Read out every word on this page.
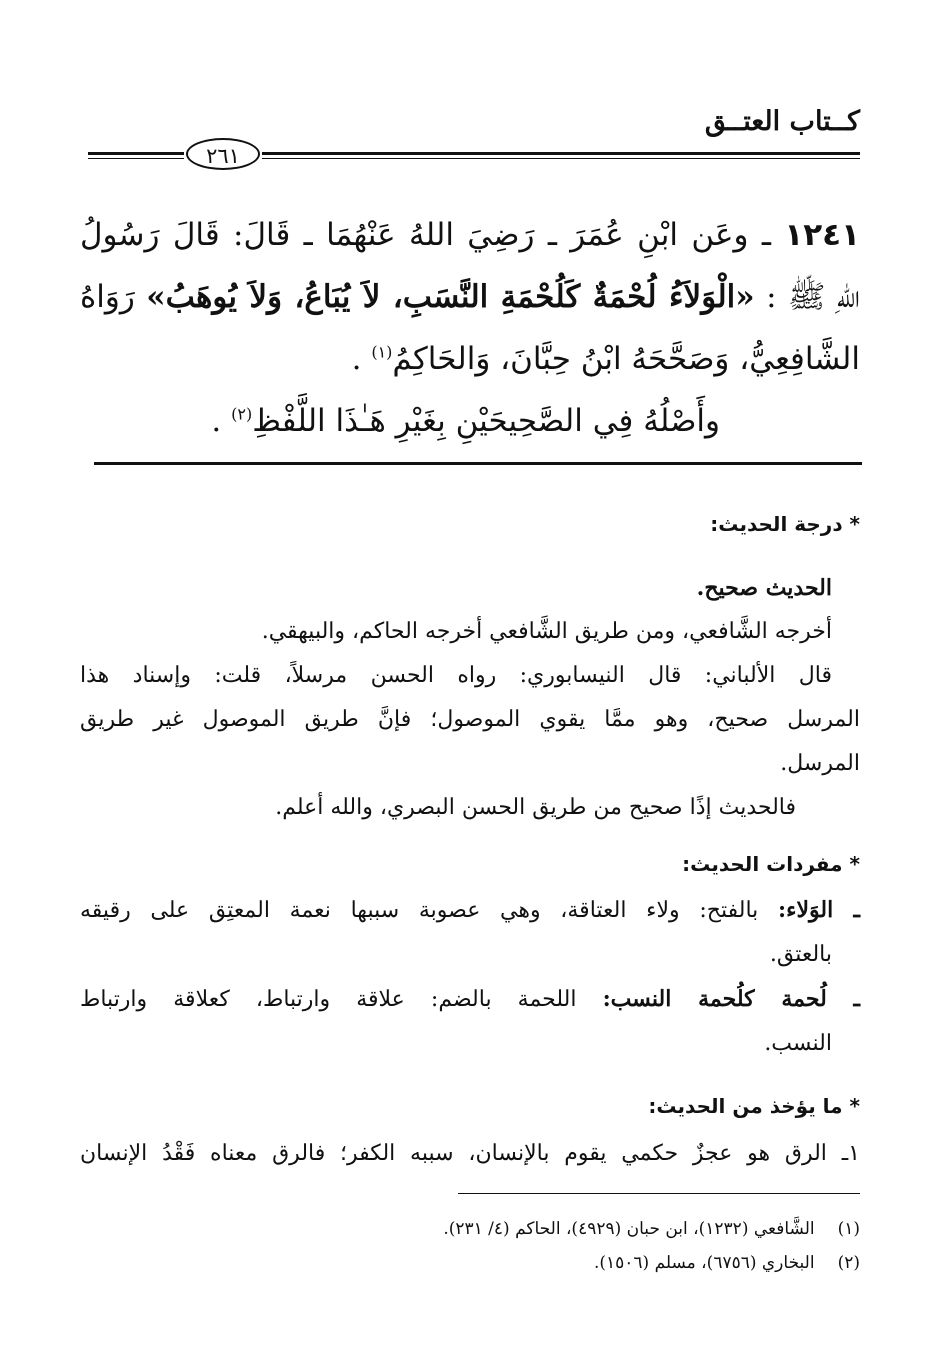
كــتاب العتــق
٢٦١
١٢٤١ ـ وعَن ابْنِ عُمَرَ ـ رَضِيَ اللهُ عَنْهُمَا ـ قَالَ: قَالَ رَسُولُ
اللهِ ﷺ : «الْوَلاَءُ لُحْمَةٌ كَلُحْمَةِ النَّسَبِ، لاَ يُبَاعُ، وَلاَ يُوهَبُ» رَوَاهُ
الشَّافِعِيُّ، وَصَحَّحَهُ ابْنُ حِبَّانَ، وَالحَاكِمُ$^{(١)}$ .
وأَصْلُهُ فِي الصَّحِيحَيْنِ بِغَيْرِ هَـٰذَا اللَّفْظِ$^{(٢)}$ .
* درجة الحديث:

الحديث صحيح.

أخرجه الشَّافعي، ومن طريق الشَّافعي أخرجه الحاكم، والبيهقي.

قال الألباني: قال النيسابوري: رواه الحسن مرسلاً، قلت: وإسناد هذا

المرسل صحيح، وهو ممَّا يقوي الموصول؛ فإنَّ طريق الموصول غير طريق

المرسل.

فالحديث إذًا صحيح من طريق الحسن البصري، والله أعلم.

* مفردات الحديث:

ـ الوَلاء: بالفتح: ولاء العتاقة، وهي عصوبة سببها نعمة المعتِق على رقيقه

بالعتق.

ـ لُحمة كلُحمة النسب: اللحمة بالضم: علاقة وارتباط، كعلاقة وارتباط

النسب.

* ما يؤخذ من الحديث:

١ـ الرق هو عجزٌ حكمي يقوم بالإنسان، سببه الكفر؛ فالرق معناه فَقْدُ الإنسان

(١) الشَّافعي (١٢٣٢)، ابن حبان (٤٩٢٩)، الحاكم (٤/ ٢٣١).
(٢) البخاري (٦٧٥٦)، مسلم (١٥٠٦).
